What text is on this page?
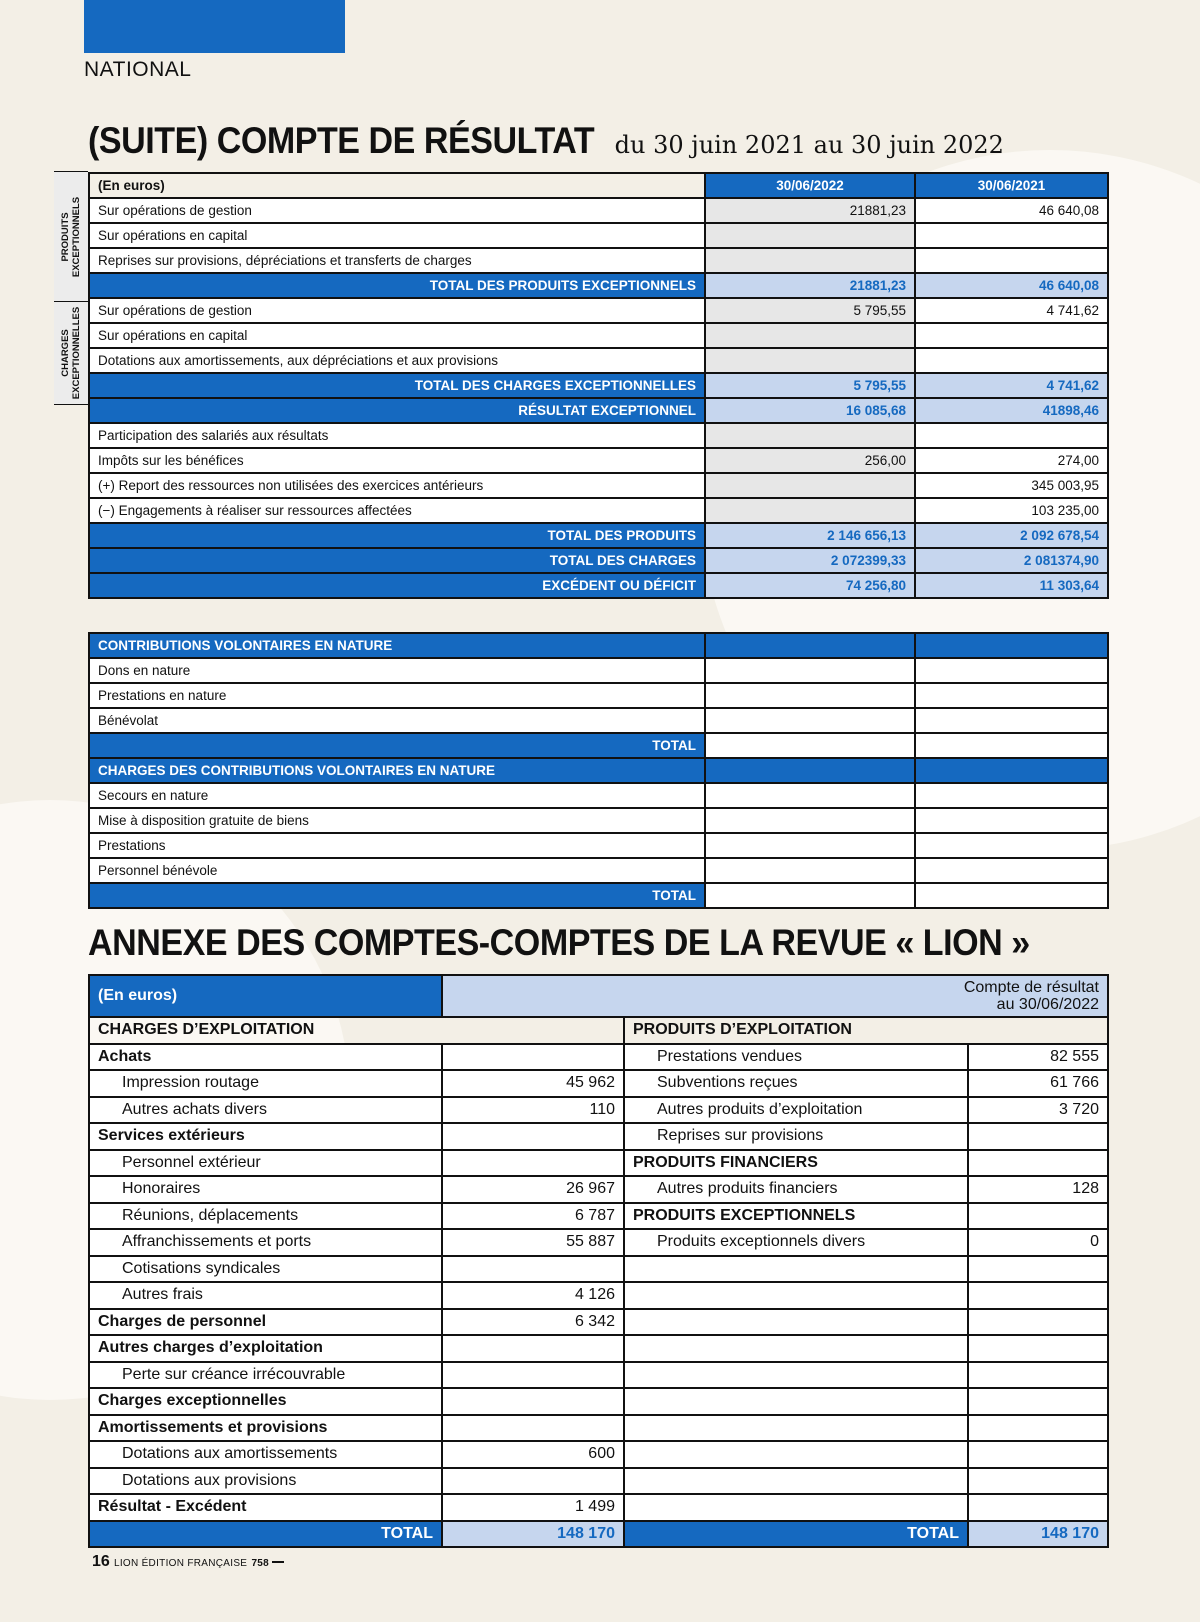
NATIONAL
(SUITE) COMPTE DE RÉSULTAT du 30 juin 2021 au 30 juin 2022
PRODUITS
EXCEPTIONNELS
CHARGES
EXCEPTIONNELLES
(En euros)	30/06/2022	30/06/2021
Sur opérations de gestion	21881,23	46 640,08
Sur opérations en capital		
Reprises sur provisions, dépréciations et transferts de charges		
TOTAL DES PRODUITS EXCEPTIONNELS	21881,23	46 640,08
Sur opérations de gestion	5 795,55	4 741,62
Sur opérations en capital		
Dotations aux amortissements, aux dépréciations et aux provisions		
TOTAL DES CHARGES EXCEPTIONNELLES	5 795,55	4 741,62
RÉSULTAT EXCEPTIONNEL	16 085,68	41898,46
Participation des salariés aux résultats		
Impôts sur les bénéfices	256,00	274,00
(+) Report des ressources non utilisées des exercices antérieurs		345 003,95
(−) Engagements à réaliser sur ressources affectées		103 235,00
TOTAL DES PRODUITS	2 146 656,13	2 092 678,54
TOTAL DES CHARGES	2 072399,33	2 081374,90
EXCÉDENT OU DÉFICIT	74 256,80	11 303,64
CONTRIBUTIONS VOLONTAIRES EN NATURE		
Dons en nature		
Prestations en nature		
Bénévolat		
TOTAL		
CHARGES DES CONTRIBUTIONS VOLONTAIRES EN NATURE		
Secours en nature		
Mise à disposition gratuite de biens		
Prestations		
Personnel bénévole		
TOTAL		
ANNEXE DES COMPTES-COMPTES DE LA REVUE « LION »
(En euros)	Compte de résultat
au 30/06/2022		
CHARGES D’EXPLOITATION		PRODUITS D’EXPLOITATION	
Achats		Prestations vendues	82 555
Impression routage	45 962	Subventions reçues	61 766
Autres achats divers	110	Autres produits d’exploitation	3 720
Services extérieurs		Reprises sur provisions	
Personnel extérieur		PRODUITS FINANCIERS	
Honoraires	26 967	Autres produits financiers	128
Réunions, déplacements	6 787	PRODUITS EXCEPTIONNELS	
Affranchissements et ports	55 887	Produits exceptionnels divers	0
Cotisations syndicales			
Autres frais	4 126		
Charges de personnel	6 342		
Autres charges d’exploitation			
Perte sur créance irrécouvrable			
Charges exceptionnelles			
Amortissements et provisions			
Dotations aux amortissements	600		
Dotations aux provisions			
Résultat - Excédent	1 499		
TOTAL	148 170	TOTAL	148 170
16 LION ÉDITION FRANÇAISE 758
